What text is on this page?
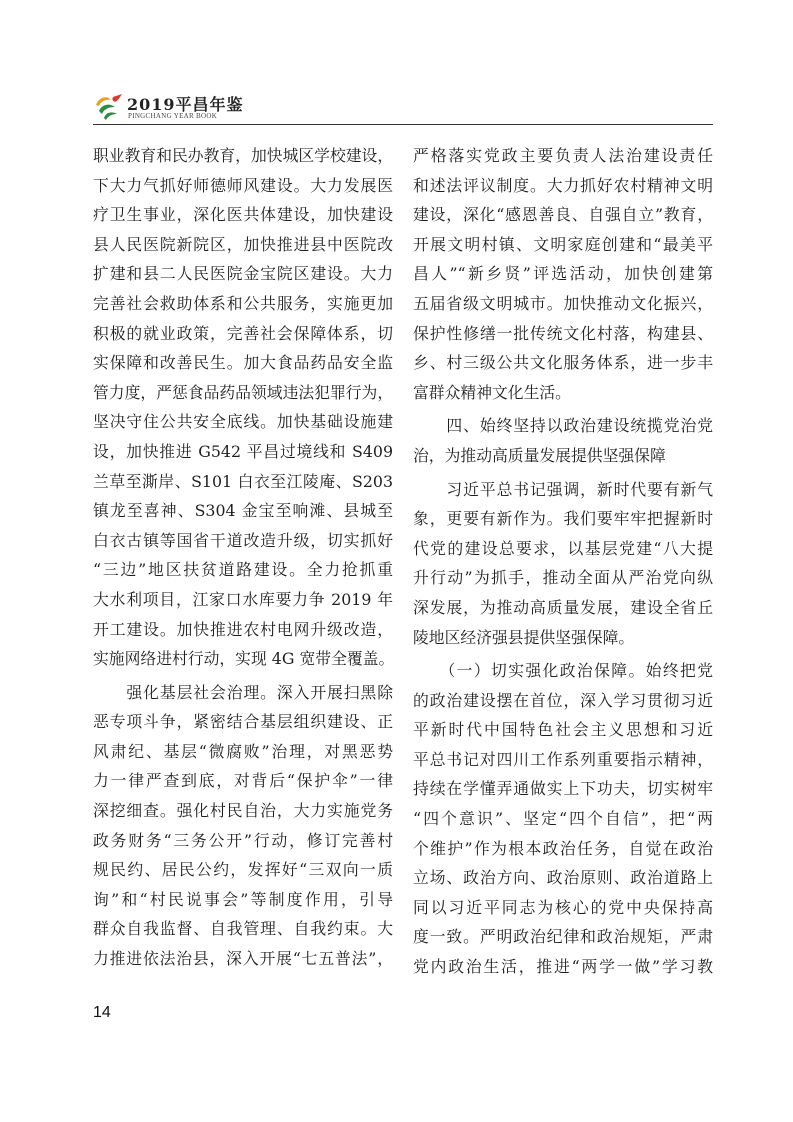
2019平昌年鉴
PINGCHANG YEAR BOOK
职业教育和民办教育，加快城区学校建设，
下大力气抓好师德师风建设。大力发展医
疗卫生事业，深化医共体建设，加快建设
县人民医院新院区，加快推进县中医院改
扩建和县二人民医院金宝院区建设。大力
完善社会救助体系和公共服务，实施更加
积极的就业政策，完善社会保障体系，切
实保障和改善民生。加大食品药品安全监
管力度，严惩食品药品领域违法犯罪行为，
坚决守住公共安全底线。加快基础设施建
设，加快推进 G542 平昌过境线和 S409
兰草至澌岸、S101 白衣至江陵庵、S203
镇龙至喜神、S304 金宝至响滩、县城至
白衣古镇等国省干道改造升级，切实抓好
“三边”地区扶贫道路建设。全力抢抓重
大水利项目，江家口水库要力争 2019 年
开工建设。加快推进农村电网升级改造，
实施网络进村行动，实现 4G 宽带全覆盖。
　　强化基层社会治理。深入开展扫黑除
恶专项斗争，紧密结合基层组织建设、正
风肃纪、基层“微腐败”治理，对黑恶势
力一律严查到底，对背后“保护伞”一律
深挖细查。强化村民自治，大力实施党务
政务财务“三务公开”行动，修订完善村
规民约、居民公约，发挥好“三双向一质
询”和“村民说事会”等制度作用，引导
群众自我监督、自我管理、自我约束。大
力推进依法治县，深入开展“七五普法”，
严格落实党政主要负责人法治建设责任
和述法评议制度。大力抓好农村精神文明
建设，深化“感恩善良、自强自立”教育，
开展文明村镇、文明家庭创建和“最美平
昌人”“新乡贤”评选活动，加快创建第
五届省级文明城市。加快推动文化振兴，
保护性修缮一批传统文化村落，构建县、
乡、村三级公共文化服务体系，进一步丰
富群众精神文化生活。
　　四、始终坚持以政治建设统揽党治党
治，为推动高质量发展提供坚强保障
　　习近平总书记强调，新时代要有新气
象，更要有新作为。我们要牢牢把握新时
代党的建设总要求，以基层党建“八大提
升行动”为抓手，推动全面从严治党向纵
深发展，为推动高质量发展，建设全省丘
陵地区经济强县提供坚强保障。
　　（一）切实强化政治保障。始终把党
的政治建设摆在首位，深入学习贯彻习近
平新时代中国特色社会主义思想和习近
平总书记对四川工作系列重要指示精神，
持续在学懂弄通做实上下功夫，切实树牢
“四个意识”、坚定“四个自信”，把“两
个维护”作为根本政治任务，自觉在政治
立场、政治方向、政治原则、政治道路上
同以习近平同志为核心的党中央保持高
度一致。严明政治纪律和政治规矩，严肃
党内政治生活，推进“两学一做”学习教
14
